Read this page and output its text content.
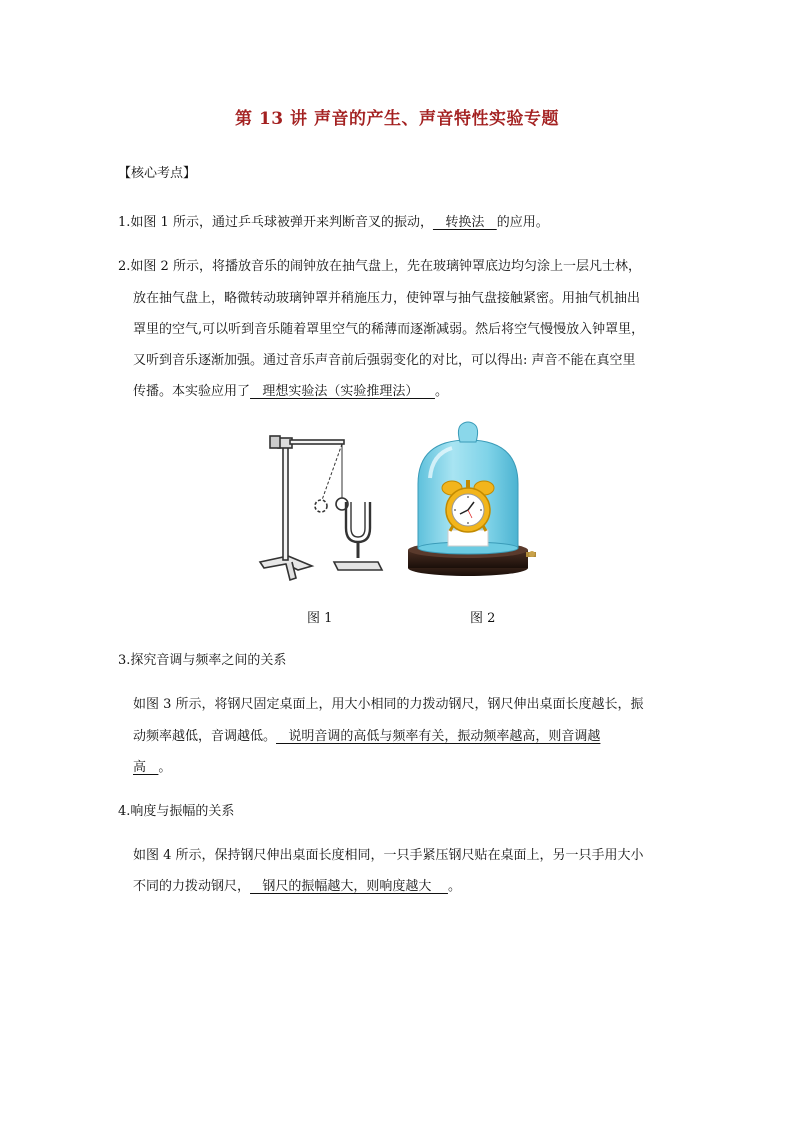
第 13 讲 声音的产生、声音特性实验专题
【核心考点】
1.如图 1 所示，通过乒乓球被弹开来判断音叉的振动，   转换法   的应用。
2.如图 2 所示，将播放音乐的闹钟放在抽气盘上，先在玻璃钟罩底边均匀涂上一层凡士林，
放在抽气盘上，略微转动玻璃钟罩并稍施压力，使钟罩与抽气盘接触紧密。用抽气机抽出
罩里的空气,可以听到音乐随着罩里空气的稀薄而逐渐减弱。然后将空气慢慢放入钟罩里，
又听到音乐逐渐加强。通过音乐声音前后强弱变化的对比，可以得出: 声音不能在真空里
传播。本实验应用了   理想实验法（实验推理法）    。
图 1	图 2
3.探究音调与频率之间的关系
如图 3 所示，将钢尺固定桌面上，用大小相同的力拨动钢尺，钢尺伸出桌面长度越长，振
动频率越低，音调越低。   说明音调的高低与频率有关，振动频率越高，则音调越
高   。
4.响度与振幅的关系
如图 4 所示，保持钢尺伸出桌面长度相同，一只手紧压钢尺贴在桌面上，另一只手用大小
不同的力拨动钢尺，   钢尺的振幅越大，则响度越大    。
